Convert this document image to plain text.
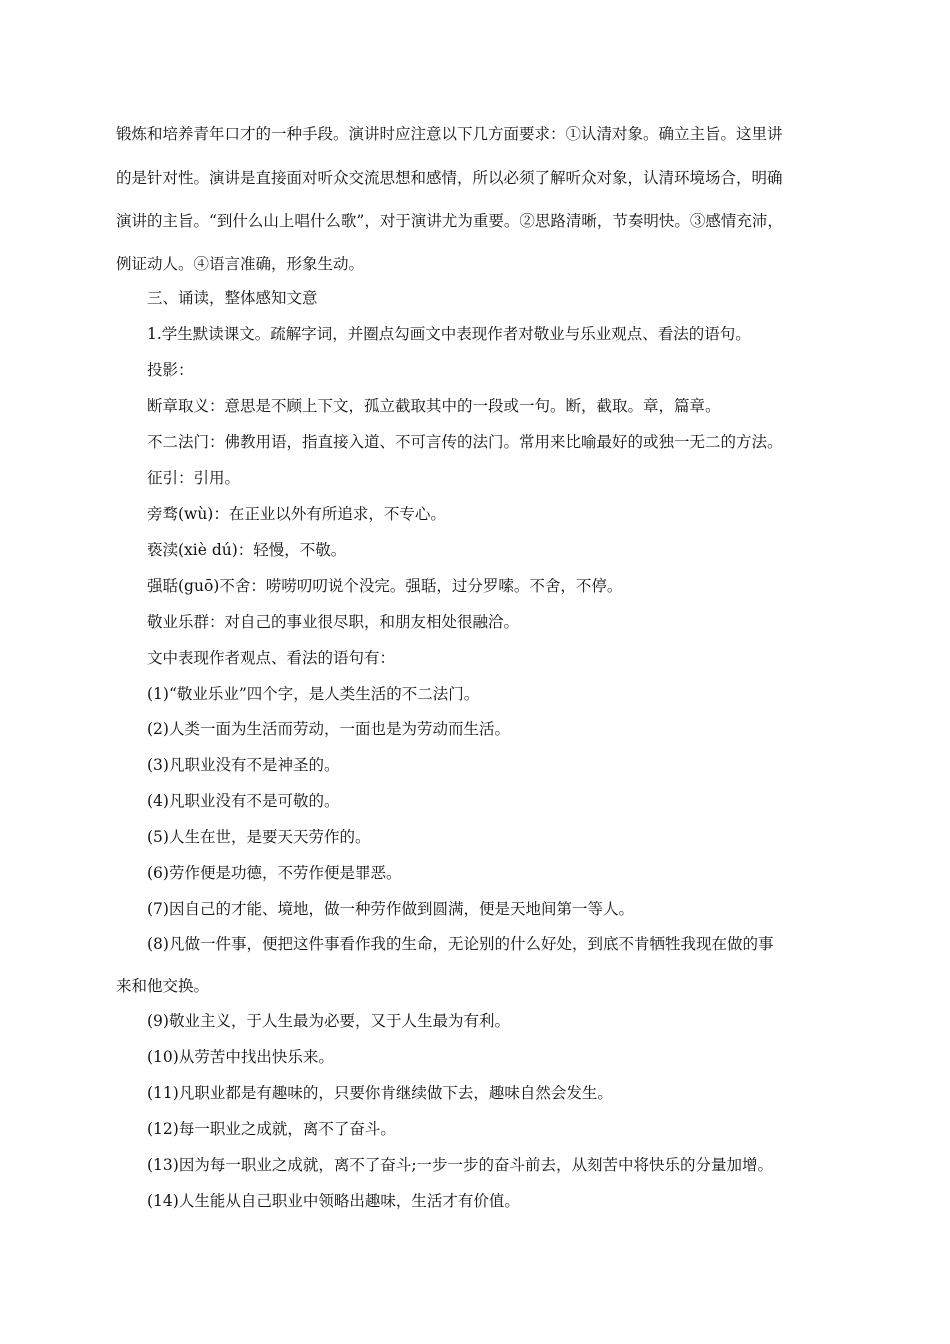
锻炼和培养青年口才的一种手段。演讲时应注意以下几方面要求：①认清对象。确立主旨。这里讲
的是针对性。演讲是直接面对听众交流思想和感情，所以必须了解听众对象，认清环境场合，明确
演讲的主旨。“到什么山上唱什么歌”，对于演讲尤为重要。②思路清晰，节奏明快。③感情充沛，
例证动人。④语言准确，形象生动。
三、诵读，整体感知文意
1.学生默读课文。疏解字词，并圈点勾画文中表现作者对敬业与乐业观点、看法的语句。
投影：
断章取义：意思是不顾上下文，孤立截取其中的一段或一句。断，截取。章，篇章。
不二法门：佛教用语，指直接入道、不可言传的法门。常用来比喻最好的或独一无二的方法。
征引：引用。
旁骛(wù)：在正业以外有所追求，不专心。
亵渎(xiè dú)：轻慢，不敬。
强聒(guō)不舍：唠唠叨叨说个没完。强聒，过分罗嗦。不舍，不停。
敬业乐群：对自己的事业很尽职，和朋友相处很融洽。
文中表现作者观点、看法的语句有：
(1)“敬业乐业”四个字，是人类生活的不二法门。
(2)人类一面为生活而劳动，一面也是为劳动而生活。
(3)凡职业没有不是神圣的。
(4)凡职业没有不是可敬的。
(5)人生在世，是要天天劳作的。
(6)劳作便是功德，不劳作便是罪恶。
(7)因自己的才能、境地，做一种劳作做到圆满，便是天地间第一等人。
(8)凡做一件事，便把这件事看作我的生命，无论别的什么好处，到底不肯牺牲我现在做的事
来和他交换。
(9)敬业主义，于人生最为必要，又于人生最为有利。
(10)从劳苦中找出快乐来。
(11)凡职业都是有趣味的，只要你肯继续做下去，趣味自然会发生。
(12)每一职业之成就，离不了奋斗。
(13)因为每一职业之成就，离不了奋斗;一步一步的奋斗前去，从刻苦中将快乐的分量加增。
(14)人生能从自己职业中领略出趣味，生活才有价值。
